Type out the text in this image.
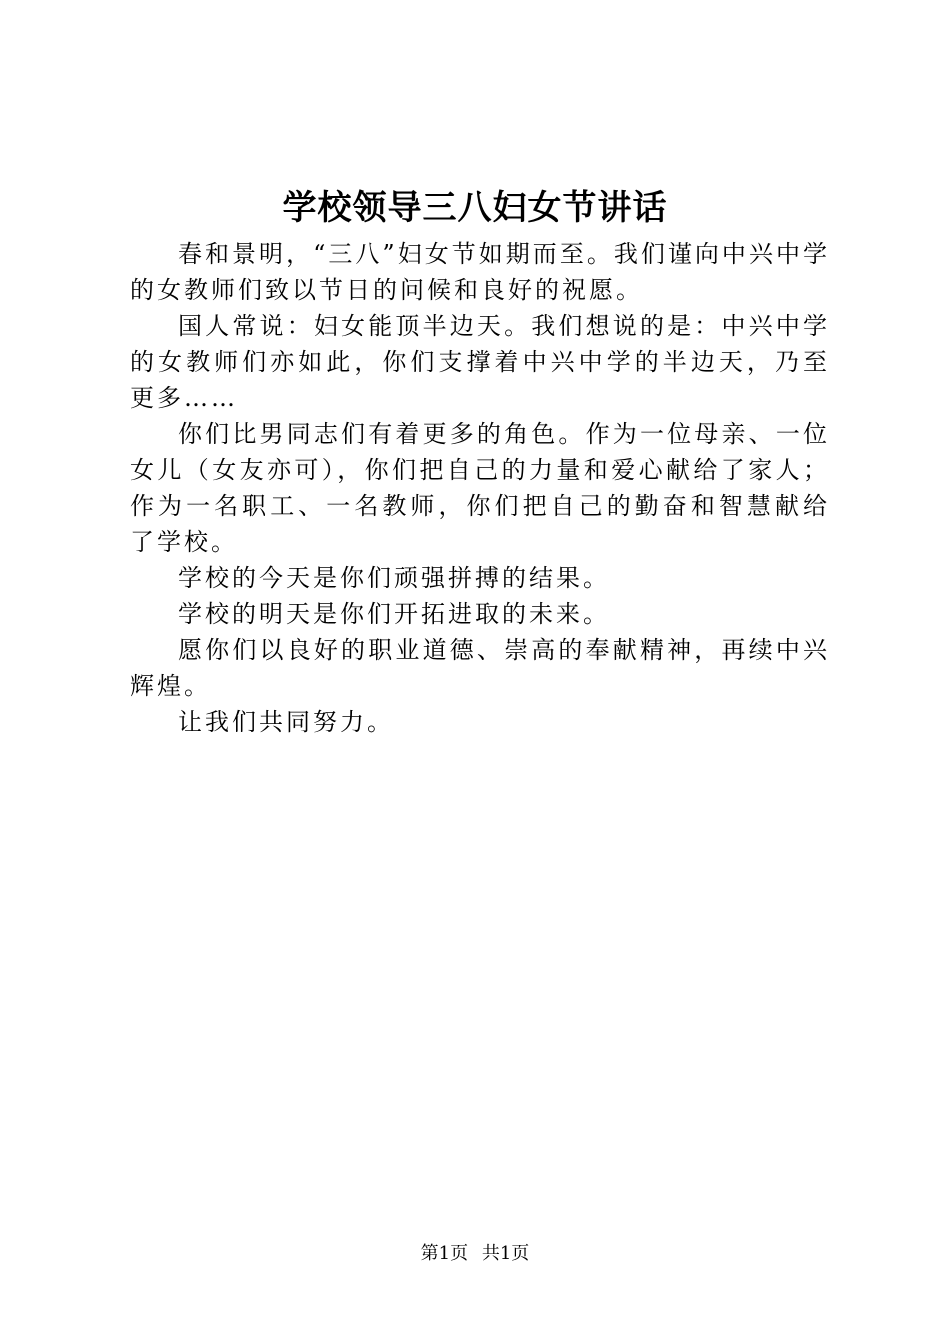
学校领导三八妇女节讲话

春和景明，“三八”妇女节如期而至。我们谨向中兴中学的女教师们致以节日的问候和良好的祝愿。

国人常说：妇女能顶半边天。我们想说的是：中兴中学的女教师们亦如此，你们支撑着中兴中学的半边天，乃至更多……

你们比男同志们有着更多的角色。作为一位母亲、一位女儿（女友亦可），你们把自己的力量和爱心献给了家人；作为一名职工、一名教师，你们把自己的勤奋和智慧献给了学校。

学校的今天是你们顽强拼搏的结果。

学校的明天是你们开拓进取的未来。

愿你们以良好的职业道德、崇高的奉献精神，再续中兴辉煌。

让我们共同努力。

第1页 共1页
